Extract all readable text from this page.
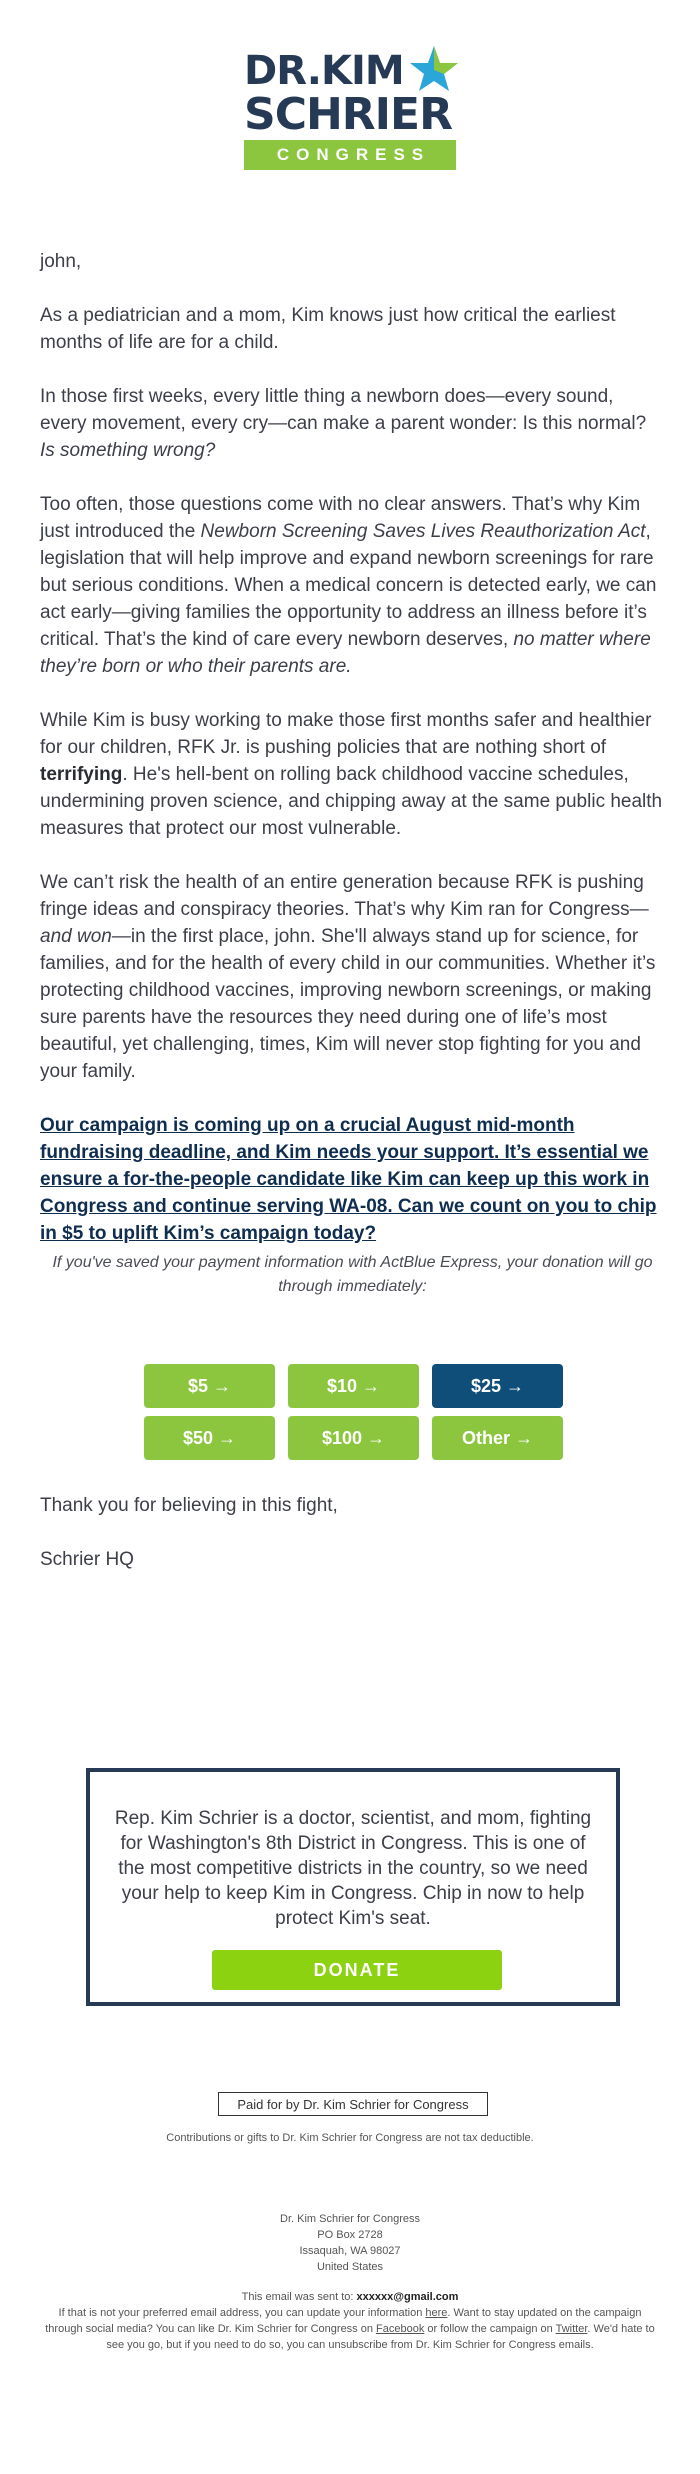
DR.KIM
SCHRIER
CONGRESS

john,

As a pediatrician and a mom, Kim knows just how critical the earliest months of life are for a child.

In those first weeks, every little thing a newborn does—every sound, every movement, every cry—can make a parent wonder: Is this normal? Is something wrong?

Too often, those questions come with no clear answers. That’s why Kim just introduced the Newborn Screening Saves Lives Reauthorization Act, legislation that will help improve and expand newborn screenings for rare but serious conditions. When a medical concern is detected early, we can act early—giving families the opportunity to address an illness before it’s critical. That’s the kind of care every newborn deserves, no matter where they’re born or who their parents are.

While Kim is busy working to make those first months safer and healthier for our children, RFK Jr. is pushing policies that are nothing short of terrifying. He's hell-bent on rolling back childhood vaccine schedules, undermining proven science, and chipping away at the same public health measures that protect our most vulnerable.

We can’t risk the health of an entire generation because RFK is pushing fringe ideas and conspiracy theories. That’s why Kim ran for Congress—and won—in the first place, john. She'll always stand up for science, for families, and for the health of every child in our communities. Whether it’s protecting childhood vaccines, improving newborn screenings, or making sure parents have the resources they need during one of life’s most beautiful, yet challenging, times, Kim will never stop fighting for you and your family.

Our campaign is coming up on a crucial August mid-month fundraising deadline, and Kim needs your support. It’s essential we ensure a for-the-people candidate like Kim can keep up this work in Congress and continue serving WA-08. Can we count on you to chip in $5 to uplift Kim’s campaign today?

If you've saved your payment information with ActBlue Express, your donation will go through immediately:
$5 →	$10 →	$25 →
$50 →	$100 →	Other →

Thank you for believing in this fight,

Schrier HQ

Rep. Kim Schrier is a doctor, scientist, and mom, fighting for Washington's 8th District in Congress. This is one of the most competitive districts in the country, so we need your help to keep Kim in Congress. Chip in now to help protect Kim's seat.
DONATE
Paid for by Dr. Kim Schrier for Congress
Contributions or gifts to Dr. Kim Schrier for Congress are not tax deductible.
Dr. Kim Schrier for Congress
PO Box 2728
Issaquah, WA 98027
United States
This email was sent to: xxxxxx@gmail.com
If that is not your preferred email address, you can update your information here. Want to stay updated on the campaign through social media? You can like Dr. Kim Schrier for Congress on Facebook or follow the campaign on Twitter. We'd hate to see you go, but if you need to do so, you can unsubscribe from Dr. Kim Schrier for Congress emails.
